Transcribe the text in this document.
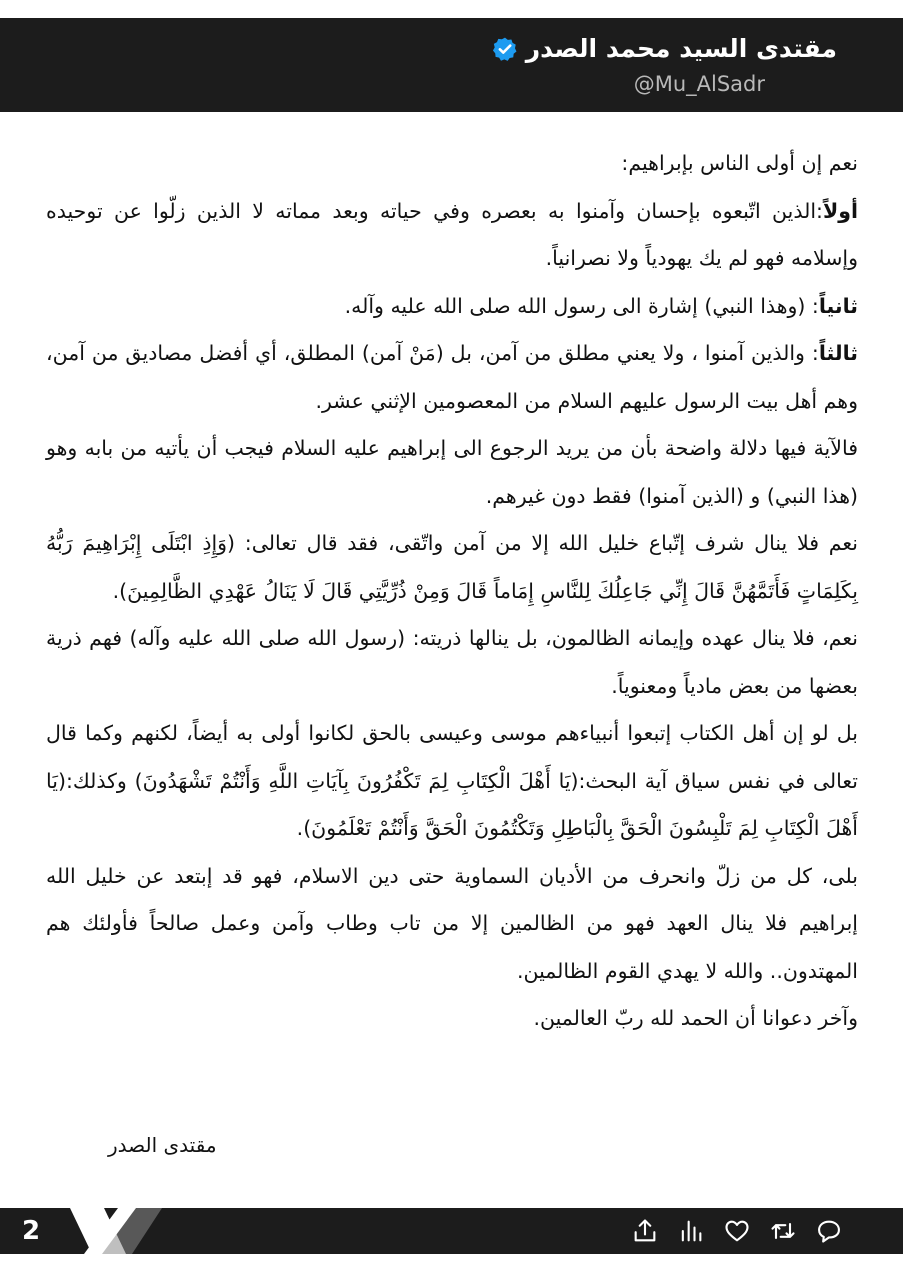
مقتدى السيد محمد الصدر
@Mu_AlSadr

نعم إن أولى الناس بإبراهيم:

أولاً:الذين اتّبعوه بإحسان وآمنوا به بعصره وفي حياته وبعد مماته لا الذين زلّوا عن توحيده وإسلامه فهو لم يك يهودياً ولا نصرانياً.

ثانياً: (وهذا النبي) إشارة الى رسول الله صلى الله عليه وآله.

ثالثاً: والذين آمنوا ، ولا يعني مطلق من آمن، بل (مَنْ آمن) المطلق، أي أفضل مصاديق من آمن، وهم أهل بيت الرسول عليهم السلام من المعصومين الإثني عشر.

فالآية فيها دلالة واضحة بأن من يريد الرجوع الى إبراهيم عليه السلام فيجب أن يأتيه من بابه وهو (هذا النبي) و (الذين آمنوا) فقط دون غيرهم.

نعم فلا ينال شرف إتّباع خليل الله إلا من آمن واتّقى، فقد قال تعالى: (وَإِذِ ابْتَلَى إِبْرَاهِيمَ رَبُّهُ بِكَلِمَاتٍ فَأَتَمَّهُنَّ قَالَ إِنِّي جَاعِلُكَ لِلنَّاسِ إِمَاماً قَالَ وَمِنْ ذُرِّيَّتِي قَالَ لَا يَنَالُ عَهْدِي الظَّالِمِينَ).

نعم، فلا ينال عهده وإيمانه الظالمون، بل ينالها ذريته: (رسول الله صلى الله عليه وآله) فهم ذرية بعضها من بعض مادياً ومعنوياً.

بل لو إن أهل الكتاب إتبعوا أنبياءهم موسى وعيسى بالحق لكانوا أولى به أيضاً، لكنهم وكما قال تعالى في نفس سياق آية البحث:(يَا أَهْلَ الْكِتَابِ لِمَ تَكْفُرُونَ بِآيَاتِ اللَّهِ وَأَنْتُمْ تَشْهَدُونَ) وكذلك:(يَا أَهْلَ الْكِتَابِ لِمَ تَلْبِسُونَ الْحَقَّ بِالْبَاطِلِ وَتَكْتُمُونَ الْحَقَّ وَأَنْتُمْ تَعْلَمُونَ).

بلى، كل من زلّ وانحرف من الأديان السماوية حتى دين الاسلام، فهو قد إبتعد عن خليل الله إبراهيم فلا ينال العهد فهو من الظالمين إلا من تاب وطاب وآمن وعمل صالحاً فأولئك هم المهتدون.. والله لا يهدي القوم الظالمين.

وآخر دعوانا أن الحمد لله ربّ العالمين.

مقتدى الصدر
2
